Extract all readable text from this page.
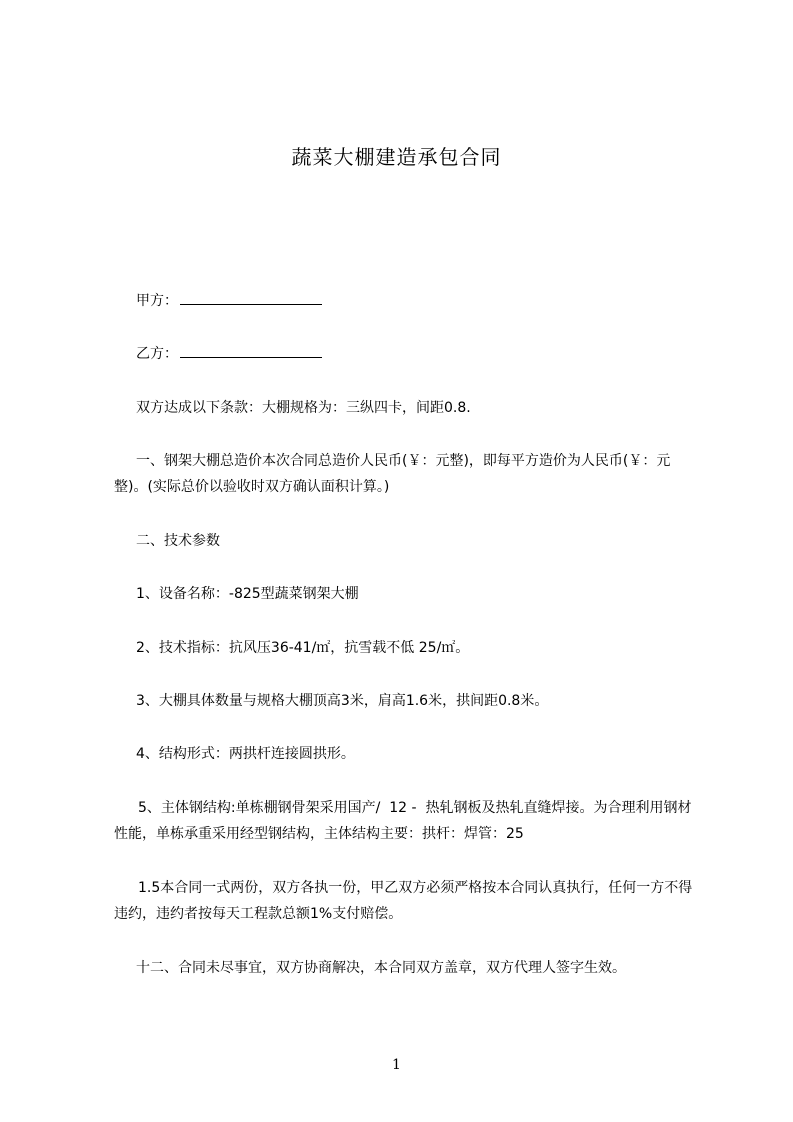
蔬菜大棚建造承包合同
甲方：
乙方：
双方达成以下条款：大棚规格为：三纵四卡，间距0.8.
一、钢架大棚总造价本次合同总造价人民币(￥：元整)，即每平方造价为人民币(￥：元整)。(实际总价以验收时双方确认面积计算。)
二、技术参数
1、设备名称：-825型蔬菜钢架大棚
2、技术指标：抗风压36-41/㎡，抗雪载不低 25/㎡。
3、大棚具体数量与规格大棚顶高3米，肩高1.6米，拱间距0.8米。
4、结构形式：两拱杆连接圆拱形。
5、主体钢结构:单栋棚钢骨架采用国产/  12 -  热轧钢板及热轧直缝焊接。为合理利用钢材性能，单栋承重采用经型钢结构，主体结构主要：拱杆：焊管：25
1.5本合同一式两份，双方各执一份，甲乙双方必须严格按本合同认真执行，任何一方不得违约，违约者按每天工程款总额1%支付赔偿。
十二、合同未尽事宜，双方协商解决，本合同双方盖章，双方代理人签字生效。
1
